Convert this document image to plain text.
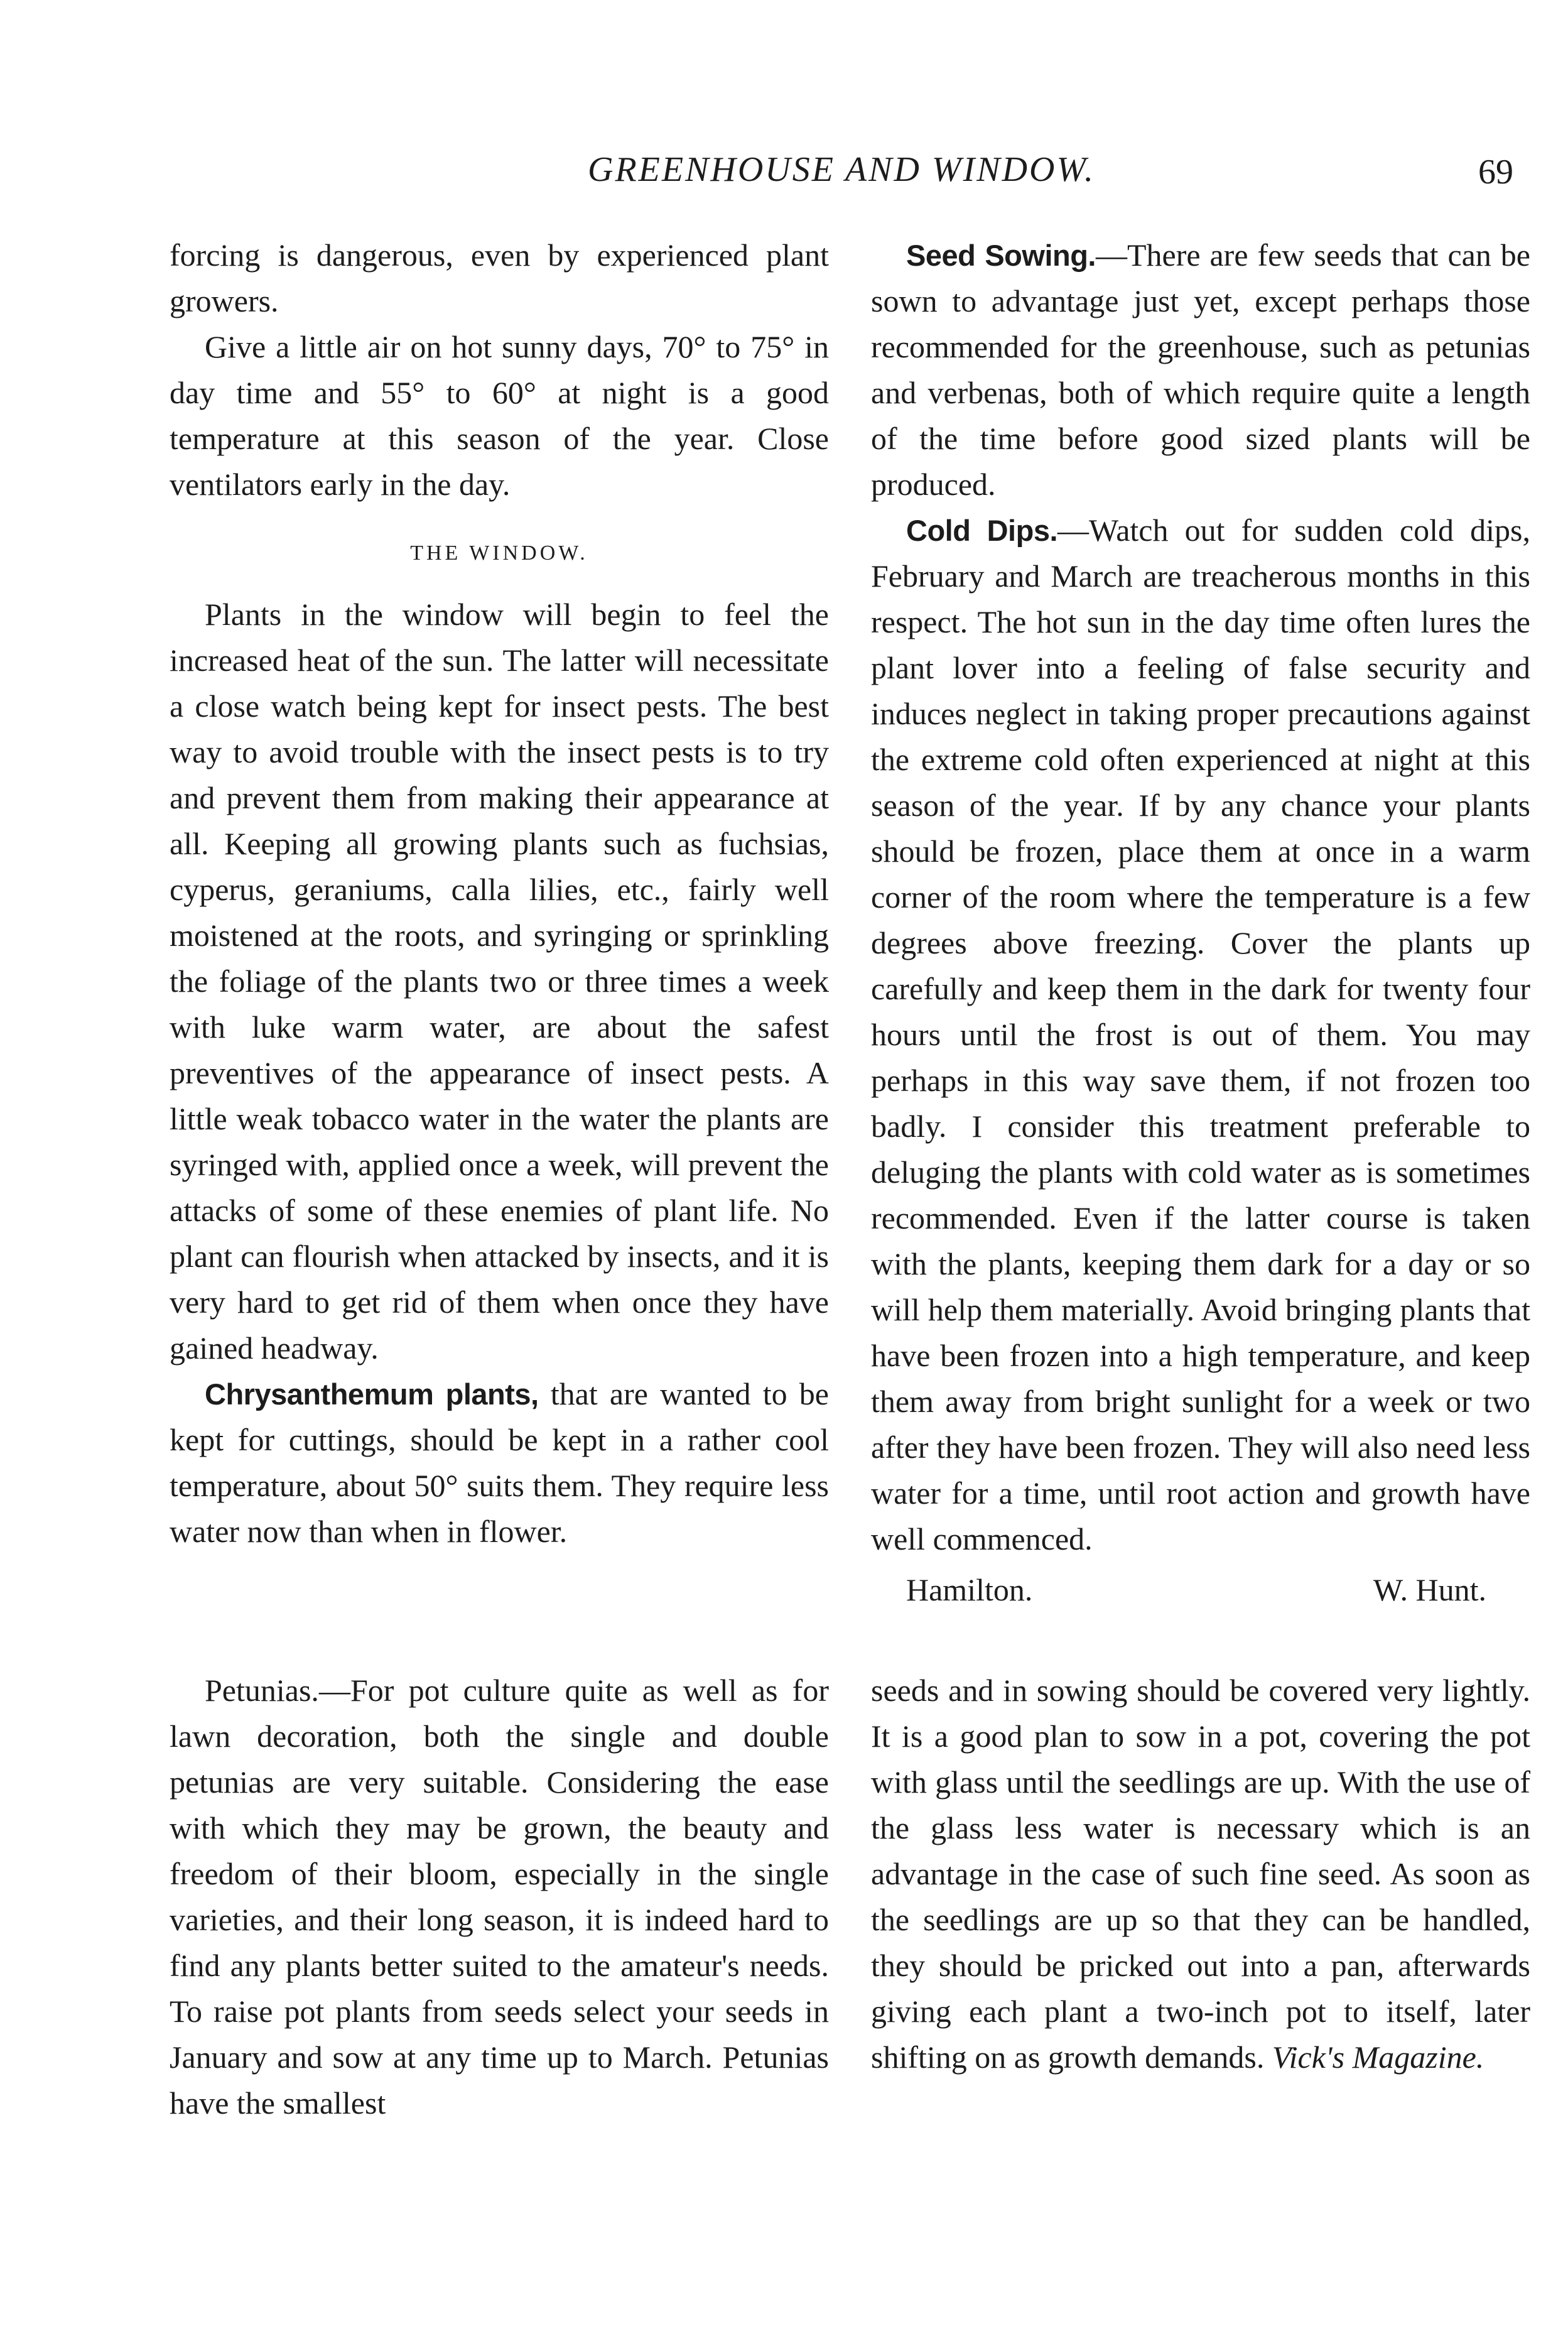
GREENHOUSE AND WINDOW.	69

forcing is dangerous, even by experienced plant growers.

Give a little air on hot sunny days, 70° to 75° in day time and 55° to 60° at night is a good temperature at this season of the year. Close ventilators early in the day.

THE WINDOW.

Plants in the window will begin to feel the increased heat of the sun. The latter will necessitate a close watch being kept for insect pests. The best way to avoid trouble with the insect pests is to try and prevent them from making their appearance at all. Keeping all growing plants such as fuchsias, cyperus, geraniums, calla lilies, etc., fairly well moistened at the roots, and syringing or sprinkling the foliage of the plants two or three times a week with luke warm water, are about the safest preventives of the appearance of insect pests. A little weak tobacco water in the water the plants are syringed with, applied once a week, will prevent the attacks of some of these enemies of plant life. No plant can flourish when attacked by insects, and it is very hard to get rid of them when once they have gained headway.

Chrysanthemum plants, that are wanted to be kept for cuttings, should be kept in a rather cool temperature, about 50° suits them. They require less water now than when in flower.

Seed Sowing.—There are few seeds that can be sown to advantage just yet, except perhaps those recommended for the greenhouse, such as petunias and verbenas, both of which require quite a length of the time before good sized plants will be produced.

Cold Dips.—Watch out for sudden cold dips, February and March are treacherous months in this respect. The hot sun in the day time often lures the plant lover into a feeling of false security and induces neglect in taking proper precautions against the extreme cold often experienced at night at this season of the year. If by any chance your plants should be frozen, place them at once in a warm corner of the room where the temperature is a few degrees above freezing. Cover the plants up carefully and keep them in the dark for twenty four hours until the frost is out of them. You may perhaps in this way save them, if not frozen too badly. I consider this treatment preferable to deluging the plants with cold water as is sometimes recommended. Even if the latter course is taken with the plants, keeping them dark for a day or so will help them materially. Avoid bringing plants that have been frozen into a high temperature, and keep them away from bright sunlight for a week or two after they have been frozen. They will also need less water for a time, until root action and growth have well commenced.

Hamilton.	W. Hunt.

Petunias.—For pot culture quite as well as for lawn decoration, both the single and double petunias are very suitable. Considering the ease with which they may be grown, the beauty and freedom of their bloom, especially in the single varieties, and their long season, it is indeed hard to find any plants better suited to the amateur's needs. To raise pot plants from seeds select your seeds in January and sow at any time up to March. Petunias have the smallest

seeds and in sowing should be covered very lightly. It is a good plan to sow in a pot, covering the pot with glass until the seedlings are up. With the use of the glass less water is necessary which is an advantage in the case of such fine seed. As soon as the seedlings are up so that they can be handled, they should be pricked out into a pan, afterwards giving each plant a two-inch pot to itself, later shifting on as growth demands. Vick's Magazine.
